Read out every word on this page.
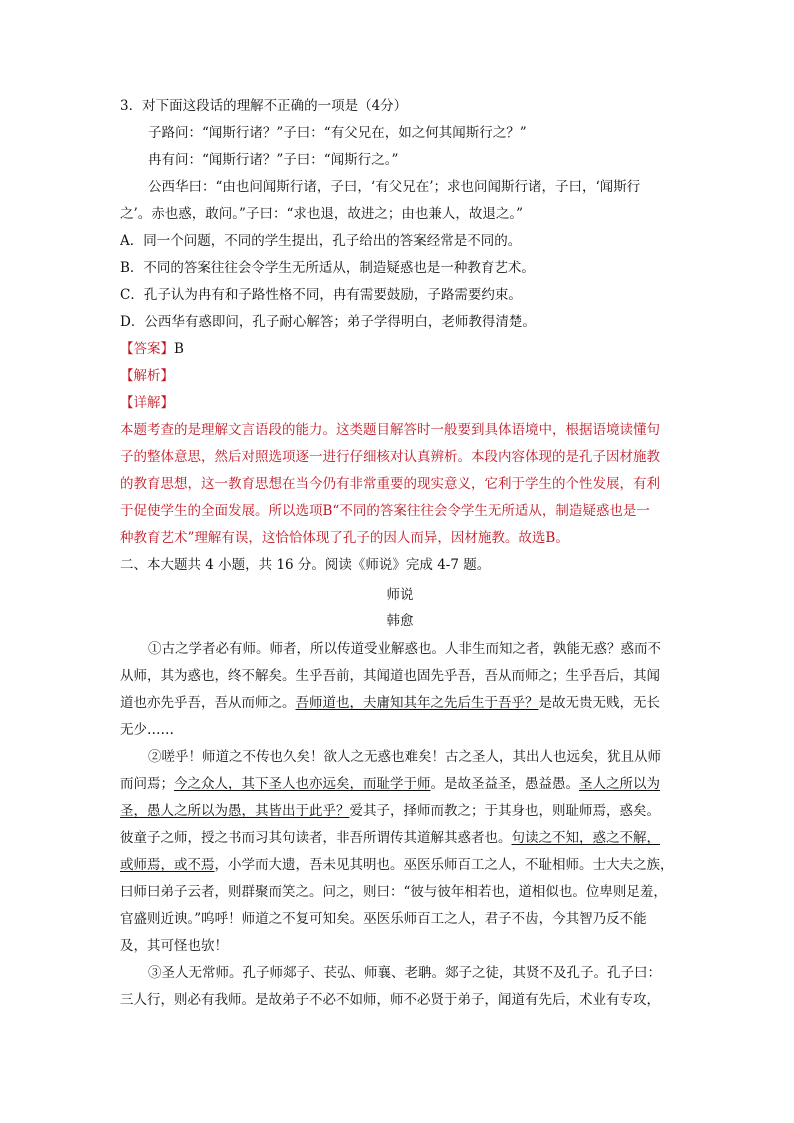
3．对下面这段话的理解不正确的一项是（4分）
子路问：“闻斯行诸？”子曰：“有父兄在，如之何其闻斯行之？”
冉有问：“闻斯行诸？”子曰：“闻斯行之。”
公西华曰：“由也问闻斯行诸，子曰，‘有父兄在’；求也问闻斯行诸，子曰，‘闻斯行
之’。赤也惑，敢问。”子曰：“求也退，故进之；由也兼人，故退之。”
A．同一个问题，不同的学生提出，孔子给出的答案经常是不同的。
B．不同的答案往往会令学生无所适从，制造疑惑也是一种教育艺术。
C．孔子认为冉有和子路性格不同，冉有需要鼓励，子路需要约束。
D．公西华有惑即问，孔子耐心解答；弟子学得明白，老师教得清楚。
【答案】B
【解析】
【详解】
本题考查的是理解文言语段的能力。这类题目解答时一般要到具体语境中，根据语境读懂句
子的整体意思，然后对照选项逐一进行仔细核对认真辨析。本段内容体现的是孔子因材施教
的教育思想，这一教育思想在当今仍有非常重要的现实意义，它利于学生的个性发展，有利
于促使学生的全面发展。所以选项B“不同的答案往往会令学生无所适从，制造疑惑也是一
种教育艺术”理解有误，这恰恰体现了孔子的因人而异，因材施教。故选B。
二、本大题共 4 小题，共 16 分。阅读《师说》完成 4-7 题。
师说
韩愈
①古之学者必有师。师者，所以传道受业解惑也。人非生而知之者，孰能无惑？惑而不
从师，其为惑也，终不解矣。生乎吾前，其闻道也固先乎吾，吾从而师之；生乎吾后，其闻
道也亦先乎吾，吾从而师之。吾师道也，夫庸知其年之先后生于吾乎？是故无贵无贱，无长
无少……
②嗟乎！师道之不传也久矣！欲人之无惑也难矣！古之圣人，其出人也远矣，犹且从师
而问焉；今之众人，其下圣人也亦远矣，而耻学于师。是故圣益圣，愚益愚。圣人之所以为
圣，愚人之所以为愚，其皆出于此乎？爱其子，择师而教之；于其身也，则耻师焉，惑矣。
彼童子之师，授之书而习其句读者，非吾所谓传其道解其惑者也。句读之不知，惑之不解，
或师焉，或不焉，小学而大遗，吾未见其明也。巫医乐师百工之人，不耻相师。士大夫之族，
曰师曰弟子云者，则群聚而笑之。问之，则曰：“彼与彼年相若也，道相似也。位卑则足羞，
官盛则近谀。”呜呼！师道之不复可知矣。巫医乐师百工之人，君子不齿，今其智乃反不能
及，其可怪也欤！
③圣人无常师。孔子师郯子、苌弘、师襄、老聃。郯子之徒，其贤不及孔子。孔子曰：
三人行，则必有我师。是故弟子不必不如师，师不必贤于弟子，闻道有先后，术业有专攻，
